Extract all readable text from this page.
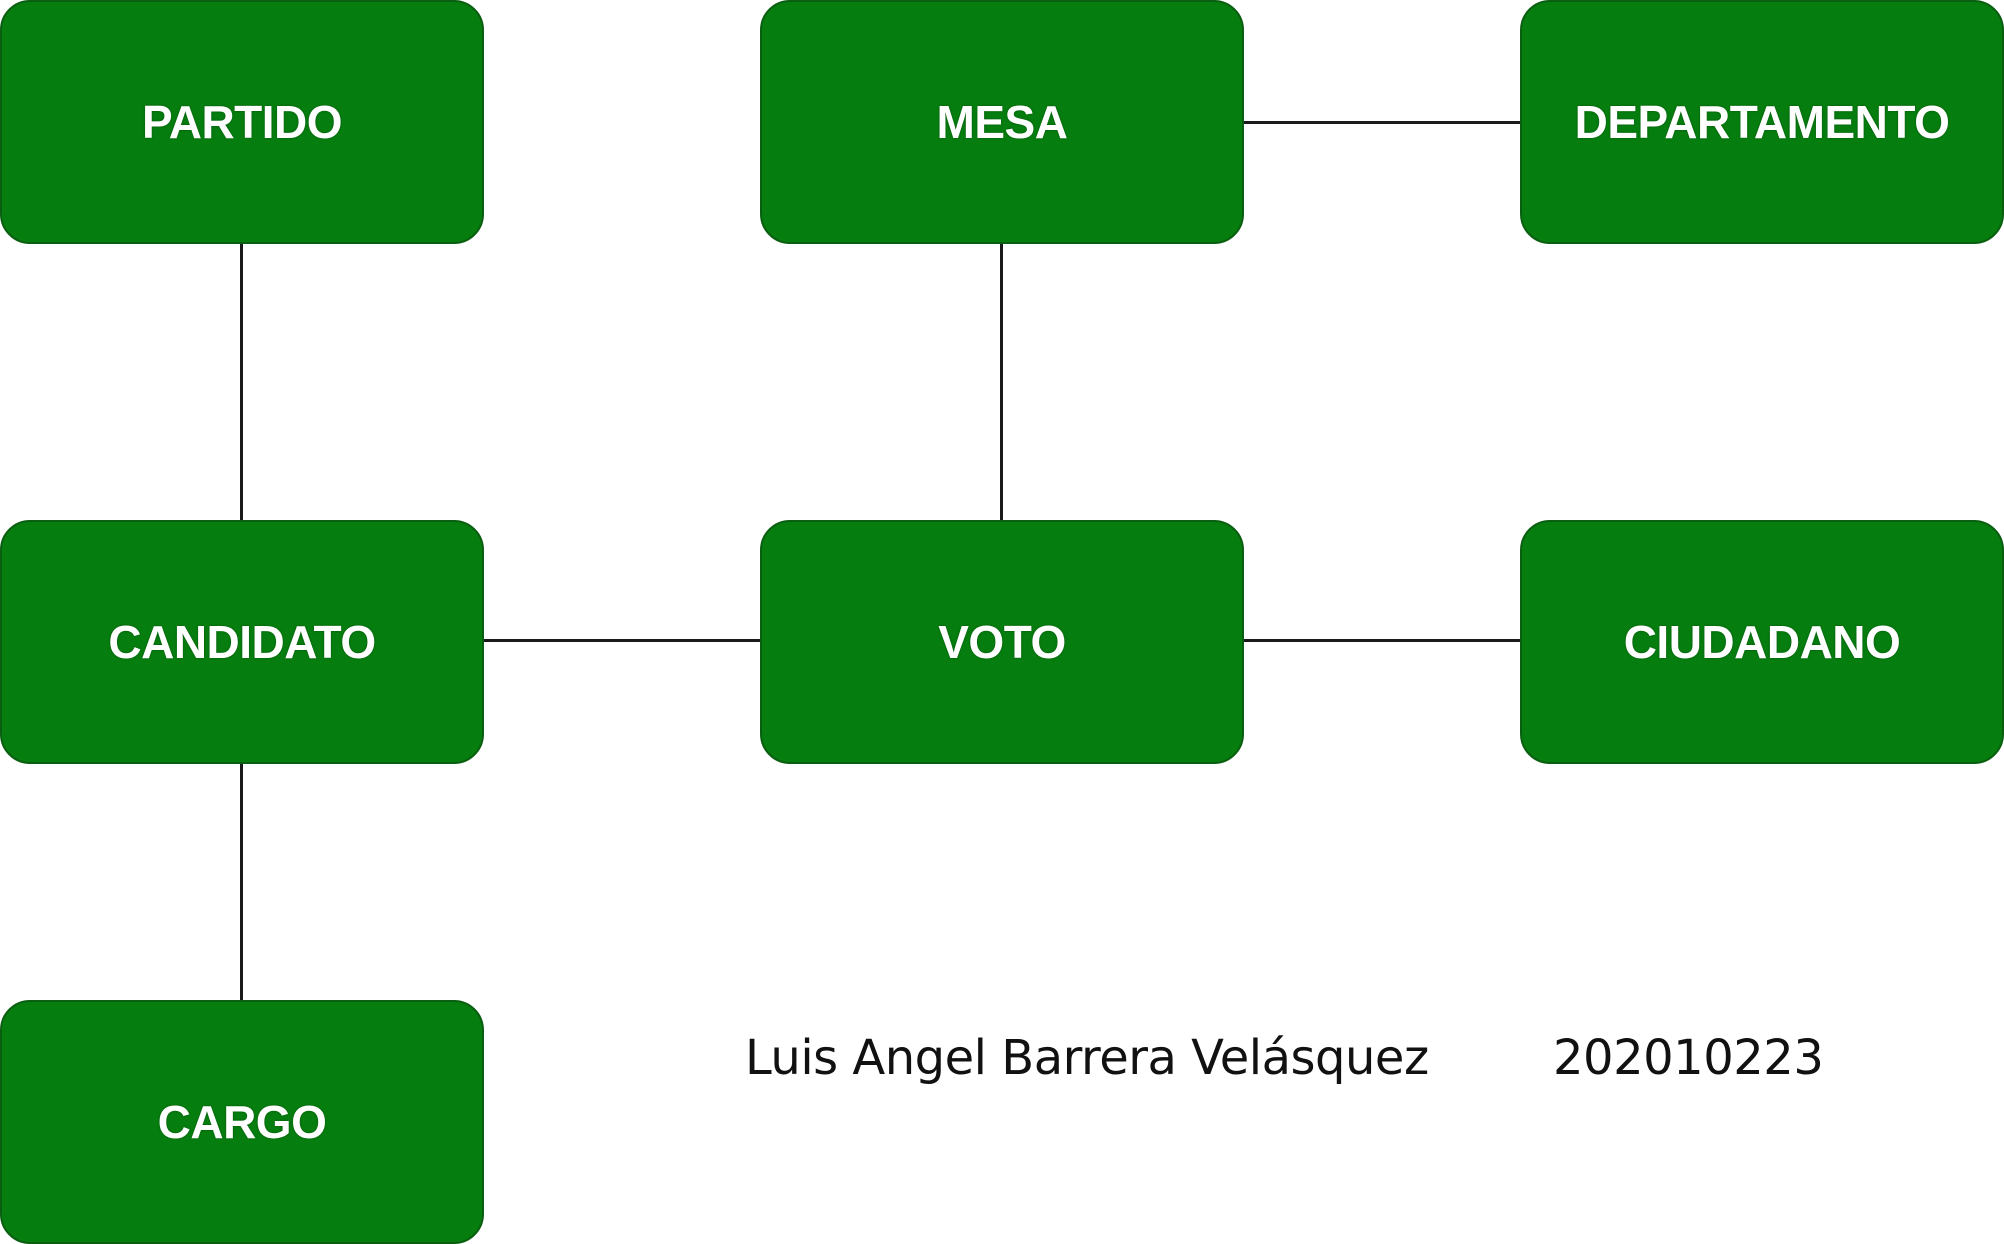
PARTIDO	MESA	DEPARTAMENTO
CANDIDATO	VOTO	CIUDADANO
CARGO
Luis Angel Barrera Velásquez	202010223
